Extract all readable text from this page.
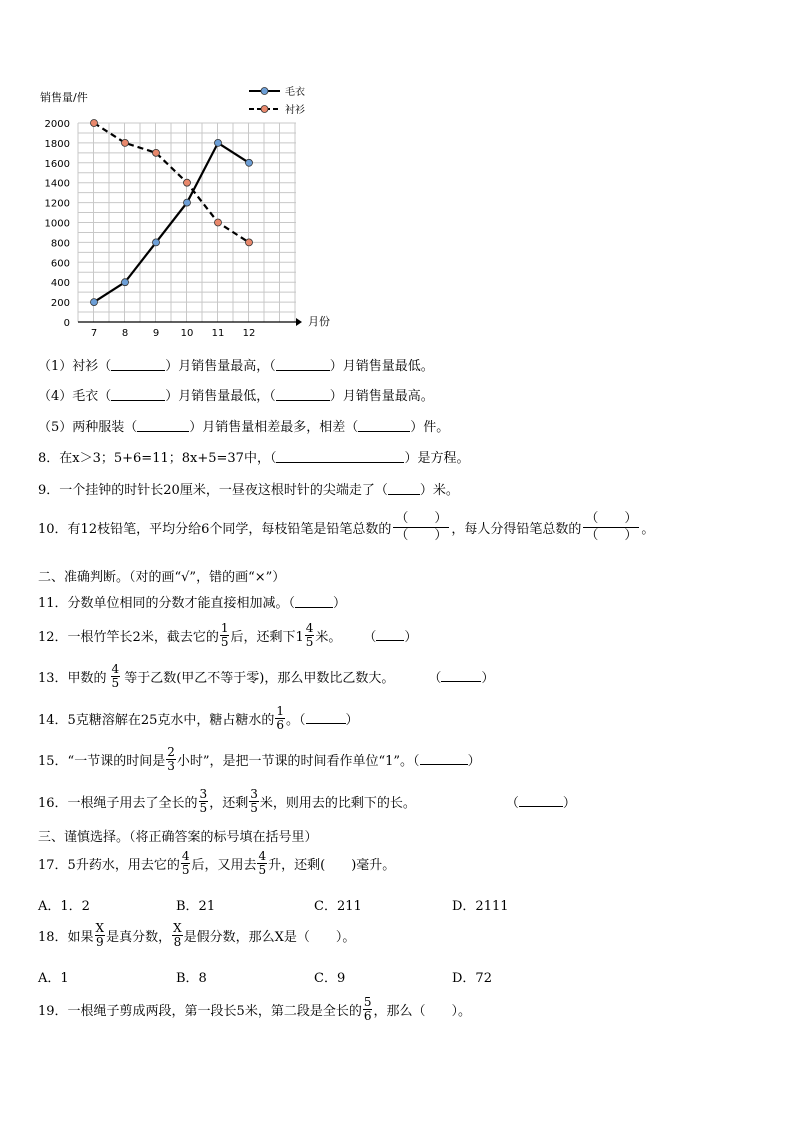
0
200
400
600
800
1000
1200
1400
1600
1800
2000
7 8 9 10 11 12
销售量/件
月份
毛衣
衬衫
（1）衬衫（	）月销售量最高，（	）月销售量最低。
（4）毛衣（	）月销售量最低，（	）月销售量最高。
（5）两种服装（	）月销售量相差最多，相差（	）件。
8．在x＞3；5+6=11；8x+5=37中，（	）是方程。
9．一个挂钟的时针长20厘米，一昼夜这根时针的尖端走了（ ）米。
10．有12枝铅笔，平均分给6个同学，每枝铅笔是铅笔总数的
（　　）
（　　） ，每人分得铅笔总数的
（　　）
（　　） 。
二、准确判断。（对的画“√”，错的画“×”）
11．分数单位相同的分数才能直接相加减。（	）
12．一根竹竿长2米，截去它的 $\frac{1}{5}$ 后，还剩下$1 \frac{4}{5}$ 米。 （ ）
13．甲数的 $\frac{4}{5}$ 等于乙数(甲乙不等于零)，那么甲数比乙数大。	（	）
14．5克糖溶解在25克水中，糖占糖水的 $\frac{1}{6}$ 。（	）
15．“一节课的时间是 $\frac{2}{3}$ 小时”，是把一节课的时间看作单位“1”。（	）
16．一根绳子用去了全长的 $\frac{3}{5}$ ，还剩 $\frac{3}{5}$ 米，则用去的比剩下的长。	（	）
三、谨慎选择。（将正确答案的标号填在括号里）
17．5升药水，用去它的 $\frac{4}{5}$ 后，又用去 $\frac{4}{5}$ 升，还剩(　　)毫升。
A．1．2	B．21	C．211	D．2111
18．如果 $\frac{X}{9}$ 是真分数， $\frac{X}{8}$ 是假分数，那么X是（　　）。
A．1	B．8	C．9	D．72
19．一根绳子剪成两段，第一段长5米，第二段是全长的 $\frac{5}{6}$ ，那么（　　）。
